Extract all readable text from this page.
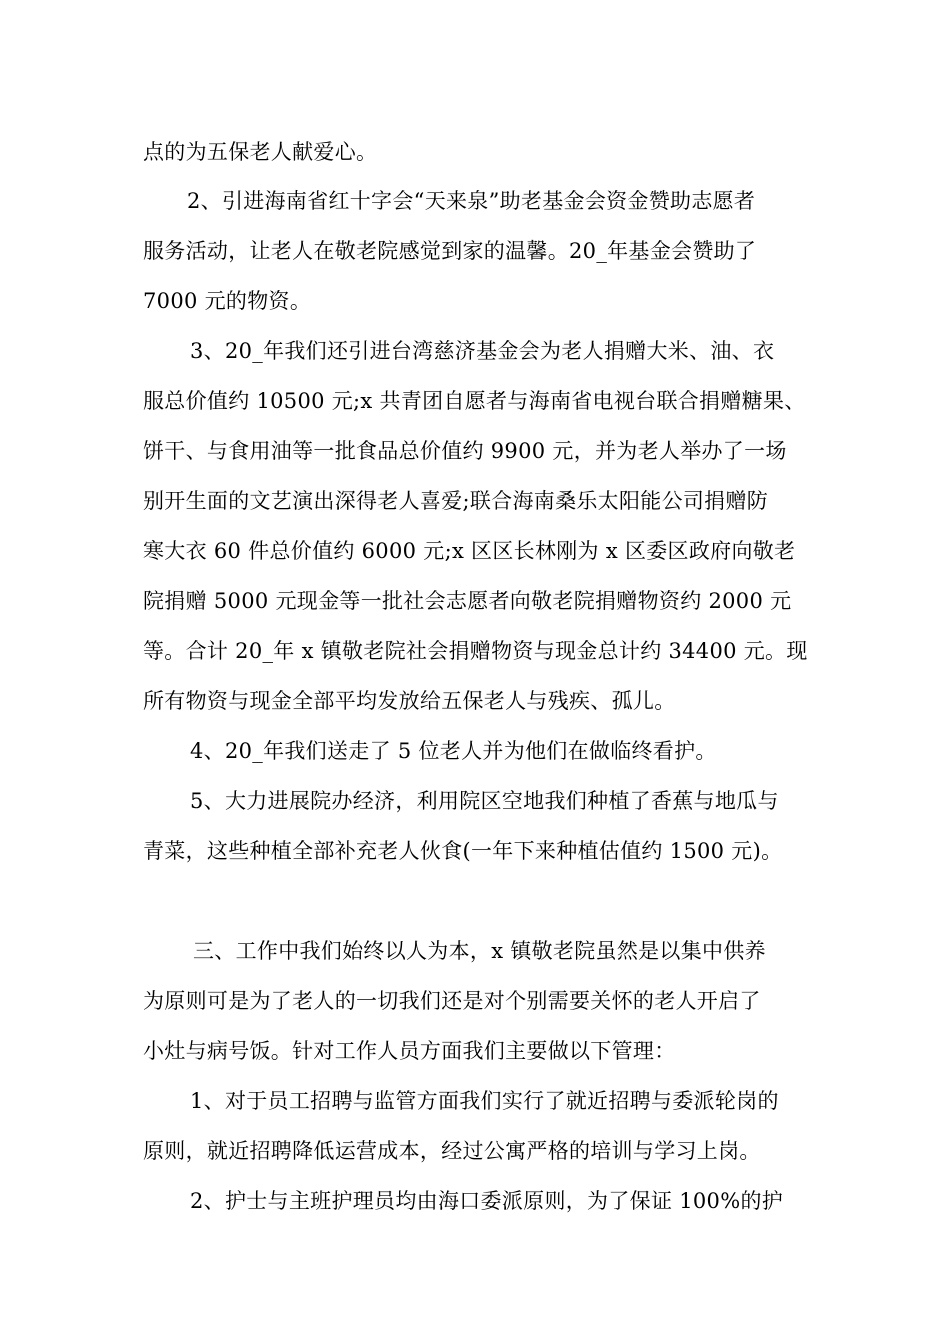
点的为五保老人献爱心。
2、引进海南省红十字会“天来泉”助老基金会资金赞助志愿者
服务活动，让老人在敬老院感觉到家的温馨。20_年基金会赞助了
7000 元的物资。
3、20_年我们还引进台湾慈济基金会为老人捐赠大米、油、衣
服总价值约 10500 元;x 共青团自愿者与海南省电视台联合捐赠糖果、
饼干、与食用油等一批食品总价值约 9900 元，并为老人举办了一场
别开生面的文艺演出深得老人喜爱;联合海南桑乐太阳能公司捐赠防
寒大衣 60 件总价值约 6000 元;x 区区长林刚为 x 区委区政府向敬老
院捐赠 5000 元现金等一批社会志愿者向敬老院捐赠物资约 2000 元
等。合计 20_年 x 镇敬老院社会捐赠物资与现金总计约 34400 元。现
所有物资与现金全部平均发放给五保老人与残疾、孤儿。
4、20_年我们送走了 5 位老人并为他们在做临终看护。
5、大力进展院办经济，利用院区空地我们种植了香蕉与地瓜与
青菜，这些种植全部补充老人伙食(一年下来种植估值约 1500 元)。
三、工作中我们始终以人为本，x 镇敬老院虽然是以集中供养
为原则可是为了老人的一切我们还是对个别需要关怀的老人开启了
小灶与病号饭。针对工作人员方面我们主要做以下管理：
1、对于员工招聘与监管方面我们实行了就近招聘与委派轮岗的
原则，就近招聘降低运营成本，经过公寓严格的培训与学习上岗。
2、护士与主班护理员均由海口委派原则，为了保证 100%的护
